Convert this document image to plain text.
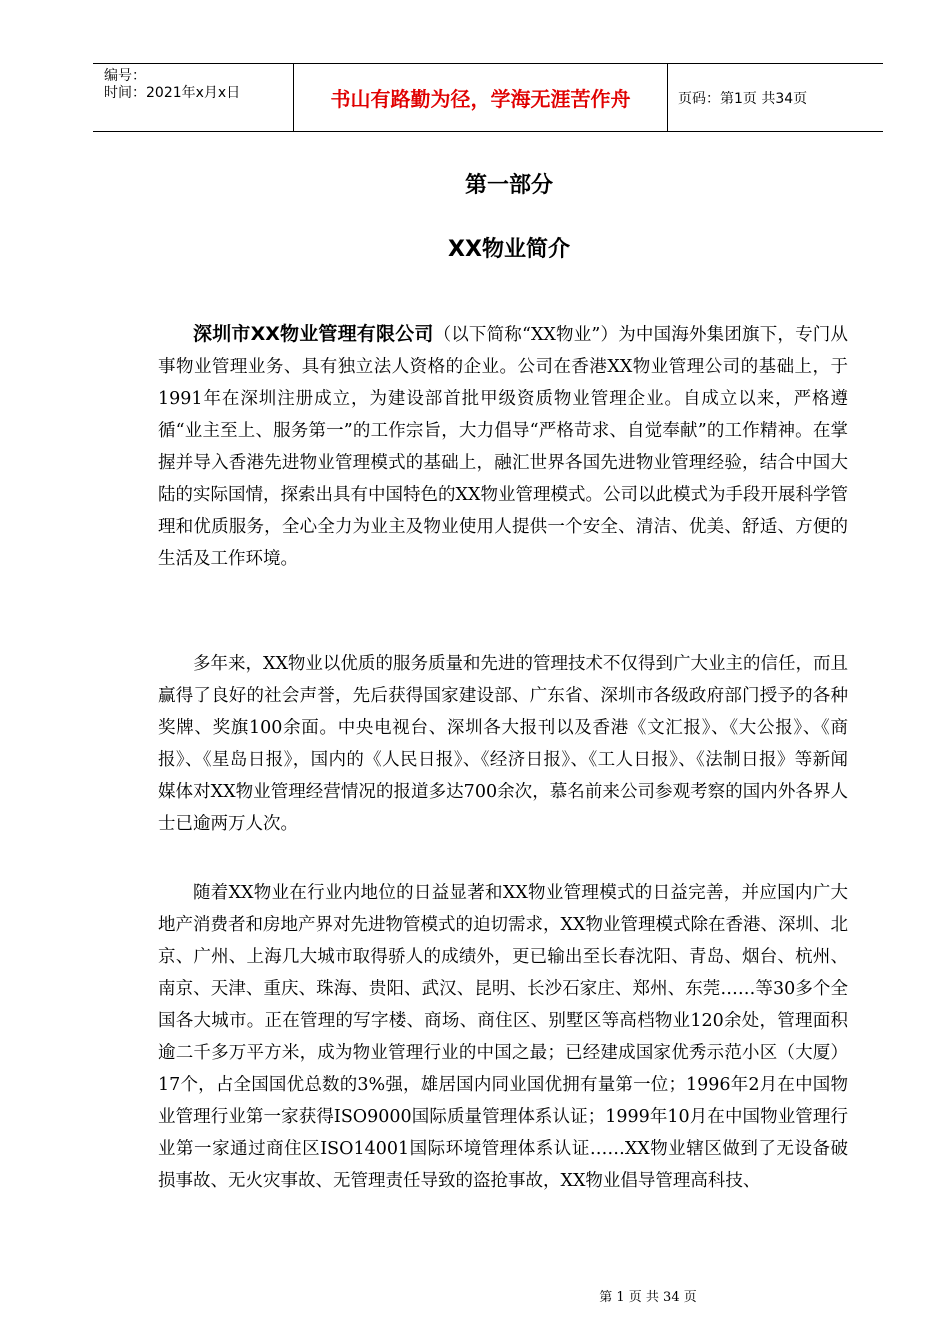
编号：
时间：2021年x月x日	书山有路勤为径，学海无涯苦作舟	页码：第1页 共34页
第一部分
XX物业简介
深圳市XX物业管理有限公司（以下简称“XX物业”）为中国海外集团旗下，专门从事物业管理业务、具有独立法人资格的企业。公司在香港XX物业管理公司的基础上，于1991年在深圳注册成立，为建设部首批甲级资质物业管理企业。自成立以来，严格遵循“业主至上、服务第一”的工作宗旨，大力倡导“严格苛求、自觉奉献”的工作精神。在掌握并导入香港先进物业管理模式的基础上，融汇世界各国先进物业管理经验，结合中国大陆的实际国情，探索出具有中国特色的XX物业管理模式。公司以此模式为手段开展科学管理和优质服务，全心全力为业主及物业使用人提供一个安全、清洁、优美、舒适、方便的生活及工作环境。
多年来，XX物业以优质的服务质量和先进的管理技术不仅得到广大业主的信任，而且赢得了良好的社会声誉，先后获得国家建设部、广东省、深圳市各级政府部门授予的各种奖牌、奖旗100余面。中央电视台、深圳各大报刊以及香港《文汇报》、《大公报》、《商报》、《星岛日报》，国内的《人民日报》、《经济日报》、《工人日报》、《法制日报》等新闻媒体对XX物业管理经营情况的报道多达700余次，慕名前来公司参观考察的国内外各界人士已逾两万人次。
随着XX物业在行业内地位的日益显著和XX物业管理模式的日益完善，并应国内广大地产消费者和房地产界对先进物管模式的迫切需求，XX物业管理模式除在香港、深圳、北京、广州、上海几大城市取得骄人的成绩外，更已输出至长春沈阳、青岛、烟台、杭州、南京、天津、重庆、珠海、贵阳、武汉、昆明、长沙石家庄、郑州、东莞……等30多个全国各大城市。正在管理的写字楼、商场、商住区、别墅区等高档物业120余处，管理面积逾二千多万平方米，成为物业管理行业的中国之最；已经建成国家优秀示范小区（大厦）17个，占全国国优总数的3%强，雄居国内同业国优拥有量第一位；1996年2月在中国物业管理行业第一家获得ISO9000国际质量管理体系认证；1999年10月在中国物业管理行业第一家通过商住区ISO14001国际环境管理体系认证……XX物业辖区做到了无设备破损事故、无火灾事故、无管理责任导致的盗抢事故，XX物业倡导管理高科技、
第 1 页 共 34 页
